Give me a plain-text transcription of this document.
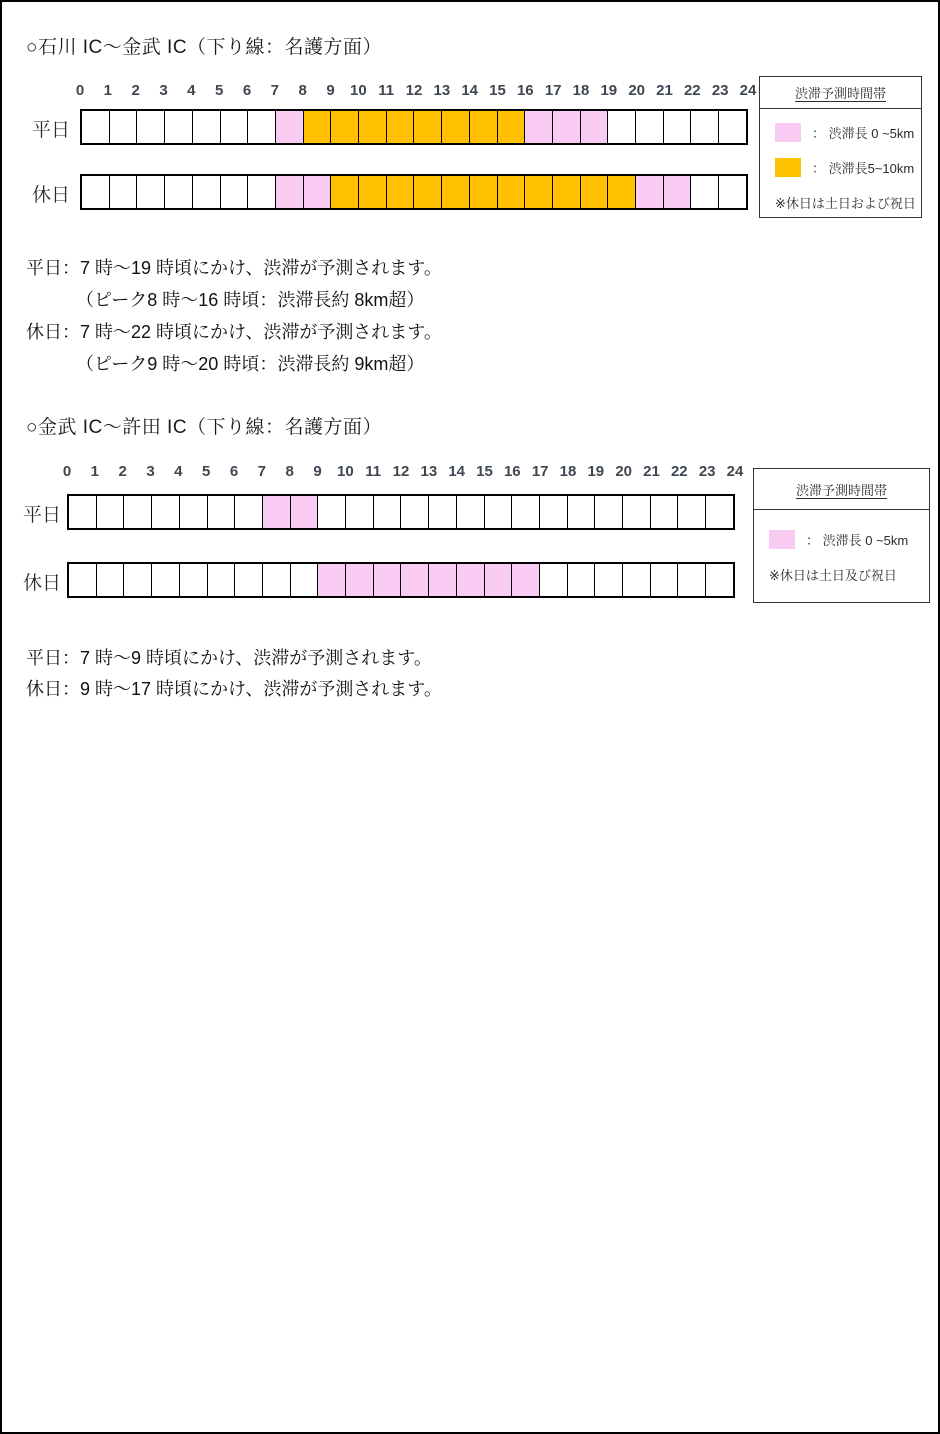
○石川 IC～金武 IC（下り線：名護方面）
0 1 2 3 4 5 6 7 8 9 10 11 12 13 14 15 16 17 18 19 20 21 22 23 24
平日
休日
渋滞予測時間帯
： 渋滞長 0 ~5km
： 渋滞長5~10km
※休日は土日および祝日
平日：7 時～19 時頃にかけ、渋滞が予測されます。
（ピーク8 時～16 時頃：渋滞長約 8km超）
休日：7 時～22 時頃にかけ、渋滞が予測されます。
（ピーク9 時～20 時頃：渋滞長約 9km超）
○金武 IC～許田 IC（下り線：名護方面）
0 1 2 3 4 5 6 7 8 9 10 11 12 13 14 15 16 17 18 19 20 21 22 23 24
平日
休日
渋滞予測時間帯
： 渋滞長 0 ~5km
※休日は土日及び祝日
平日：7 時～9 時頃にかけ、渋滞が予測されます。
休日：9 時～17 時頃にかけ、渋滞が予測されます。
